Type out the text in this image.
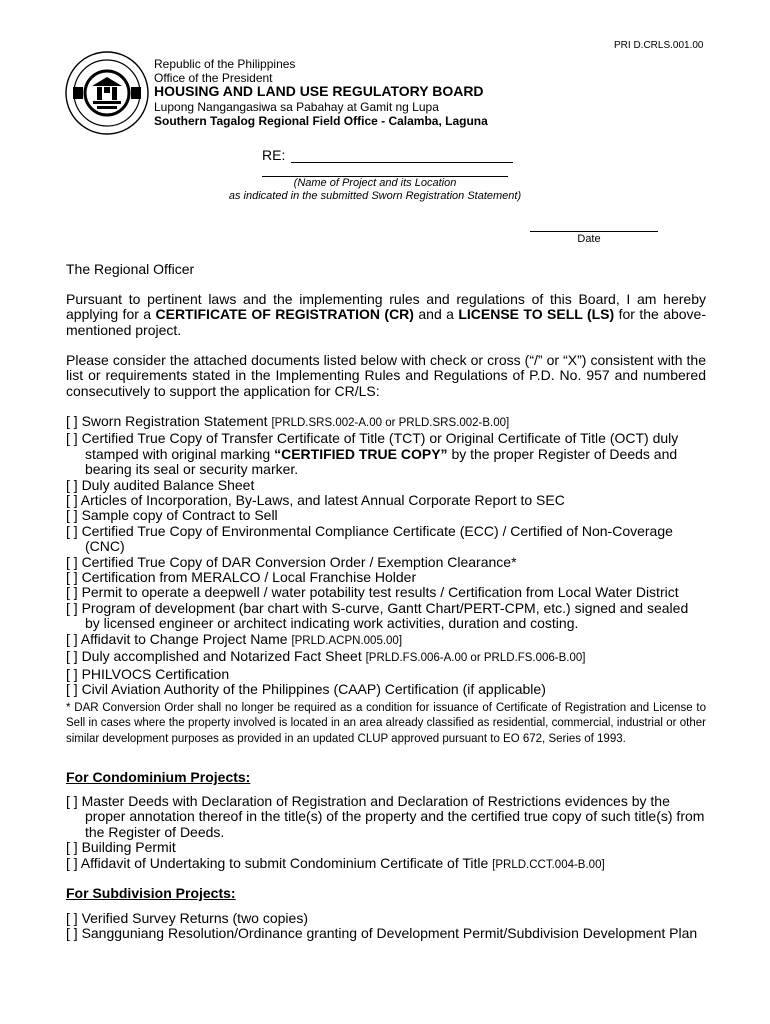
PRI D.CRLS.001.00
Republic of the Philippines
Office of the President
HOUSING AND LAND USE REGULATORY BOARD
Lupong Nangangasiwa sa Pabahay at Gamit ng Lupa
Southern Tagalog Regional Field Office - Calamba, Laguna
RE:
(Name of Project and its Location
as indicated in the submitted Sworn Registration Statement)
Date
The Regional Officer
Pursuant to pertinent laws and the implementing rules and regulations of this Board, I am hereby applying for a CERTIFICATE OF REGISTRATION (CR) and a LICENSE TO SELL (LS) for the above-mentioned project.
Please consider the attached documents listed below with check or cross (“/” or “X”) consistent with the list or requirements stated in the Implementing Rules and Regulations of P.D. No. 957 and numbered consecutively to support the application for CR/LS:
[ ] Sworn Registration Statement [PRLD.SRS.002-A.00 or PRLD.SRS.002-B.00]
[ ] Certified True Copy of Transfer Certificate of Title (TCT) or Original Certificate of Title (OCT) duly stamped with original marking “CERTIFIED TRUE COPY” by the proper Register of Deeds and bearing its seal or security marker.
[ ] Duly audited Balance Sheet
[ ] Articles of Incorporation, By-Laws, and latest Annual Corporate Report to SEC
[ ] Sample copy of Contract to Sell
[ ] Certified True Copy of Environmental Compliance Certificate (ECC) / Certified of Non-Coverage (CNC)
[ ] Certified True Copy of DAR Conversion Order / Exemption Clearance*
[ ] Certification from MERALCO / Local Franchise Holder
[ ] Permit to operate a deepwell / water potability test results / Certification from Local Water District
[ ] Program of development (bar chart with S-curve, Gantt Chart/PERT-CPM, etc.) signed and sealed by licensed engineer or architect indicating work activities, duration and costing.
[ ] Affidavit to Change Project Name [PRLD.ACPN.005.00]
[ ] Duly accomplished and Notarized Fact Sheet [PRLD.FS.006-A.00 or PRLD.FS.006-B.00]
[ ] PHILVOCS Certification
[ ] Civil Aviation Authority of the Philippines (CAAP) Certification (if applicable)
* DAR Conversion Order shall no longer be required as a condition for issuance of Certificate of Registration and License to Sell in cases where the property involved is located in an area already classified as residential, commercial, industrial or other similar development purposes as provided in an updated CLUP approved pursuant to EO 672, Series of 1993.
For Condominium Projects:
[ ] Master Deeds with Declaration of Registration and Declaration of Restrictions evidences by the proper annotation thereof in the title(s) of the property and the certified true copy of such title(s) from the Register of Deeds.
[ ] Building Permit
[ ] Affidavit of Undertaking to submit Condominium Certificate of Title [PRLD.CCT.004-B.00]
For Subdivision Projects:
[ ] Verified Survey Returns (two copies)
[ ] Sangguniang Resolution/Ordinance granting of Development Permit/Subdivision Development Plan
